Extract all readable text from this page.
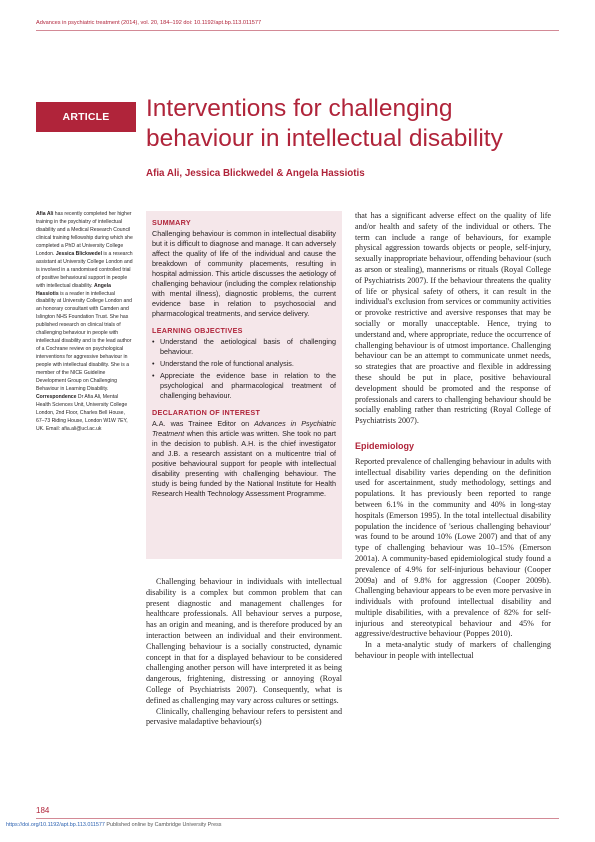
Advances in psychiatric treatment (2014), vol. 20, 184–192 doi: 10.1192/apt.bp.113.011577
ARTICLE	Interventions for challenging
behaviour in intellectual disability
Afia Ali, Jessica Blickwedel & Angela Hassiotis
Afia Ali has recently completed her higher training in the psychiatry of intellectual disability and a Medical Research Council clinical training fellowship during which she completed a PhD at University College London. Jessica Blickwedel is a research assistant at University College London and is involved in a randomised controlled trial of positive behavioural support in people with intellectual disability. Angela Hassiotis is a reader in intellectual disability at University College London and an honorary consultant with Camden and Islington NHS Foundation Trust. She has published research on clinical trials of challenging behaviour in people with intellectual disability and is the lead author of a Cochrane review on psychological interventions for aggressive behaviour in people with intellectual disability. She is a member of the NICE Guideline Development Group on Challenging Behaviour in Learning Disability. Correspondence Dr Afia Ali, Mental Health Sciences Unit, University College London, 2nd Floor, Charles Bell House, 67–73 Riding House, London W1W 7EY, UK. Email: afia.ali@ucl.ac.uk

SUMMARY

Challenging behaviour is common in intellectual disability but it is difficult to diagnose and manage. It can adversely affect the quality of life of the individual and cause the breakdown of community placements, resulting in hospital admission. This article discusses the aetiology of challenging behaviour (including the complex relationship with mental illness), diagnostic problems, the current evidence base in relation to psychosocial and pharmacological treatments, and service delivery.

LEARNING OBJECTIVES

• Understand the aetiological basis of challenging behaviour.
• Understand the role of functional analysis.
• Appreciate the evidence base in relation to the psychological and pharmacological treatment of challenging behaviour.

DECLARATION OF INTEREST

A.A. was Trainee Editor on Advances in Psychiatric Treatment when this article was written. She took no part in the decision to publish. A.H. is the chief investigator and J.B. a research assistant on a multicentre trial of positive behavioural support for people with intellectual disability presenting with challenging behaviour. The study is being funded by the National Institute for Health Research Health Technology Assessment Programme.

Challenging behaviour in individuals with intellectual disability is a complex but common problem that can present diagnostic and management challenges for healthcare professionals. All behaviour serves a purpose, has an origin and meaning, and is therefore produced by an interaction between an individual and their environment. Challenging behaviour is a socially constructed, dynamic concept in that for a displayed behaviour to be considered challenging another person will have interpreted it as being dangerous, frightening, distressing or annoying (Royal College of Psychiatrists 2007). Consequently, what is defined as challenging may vary across cultures or settings.

Clinically, challenging behaviour refers to persistent and pervasive maladaptive behaviour(s)

that has a significant adverse effect on the quality of life and/or health and safety of the individual or others. The term can include a range of behaviours, for example physical aggression towards objects or people, self-injury, sexually inappropriate behaviour, offending behaviour (such as arson or stealing), mannerisms or rituals (Royal College of Psychiatrists 2007). If the behaviour threatens the quality of life or physical safety of others, it can result in the individual's exclusion from services or community activities or provoke restrictive and aversive responses that may be socially or morally unacceptable. Hence, trying to understand and, where appropriate, reduce the occurrence of challenging behaviour is of utmost importance. Challenging behaviour can be an attempt to communicate unmet needs, so strategies that are proactive and flexible in addressing these should be put in place, positive behavioural development should be promoted and the response of professionals and carers to challenging behaviour should be socially enabling rather than restricting (Royal College of Psychiatrists 2007).

Epidemiology

Reported prevalence of challenging behaviour in adults with intellectual disability varies depending on the definition used for ascertainment, study methodology, settings and populations. It has previously been reported to range between 6.1% in the community and 40% in long-stay hospitals (Emerson 1995). In the total intellectual disability population the incidence of 'serious challenging behaviour' was found to be around 10% (Lowe 2007) and that of any type of challenging behaviour was 10–15% (Emerson 2001a). A community-based epidemiological study found a prevalence of 4.9% for self-injurious behaviour (Cooper 2009a) and of 9.8% for aggression (Cooper 2009b). Challenging behaviour appears to be even more pervasive in individuals with profound intellectual disability and multiple disabilities, with a prevalence of 82% for self-injurious and stereotypical behaviour and 45% for aggressive/destructive behaviour (Poppes 2010).

In a meta-analytic study of markers of challenging behaviour in people with intellectual

184
https://doi.org/10.1192/apt.bp.113.011577 Published online by Cambridge University Press
